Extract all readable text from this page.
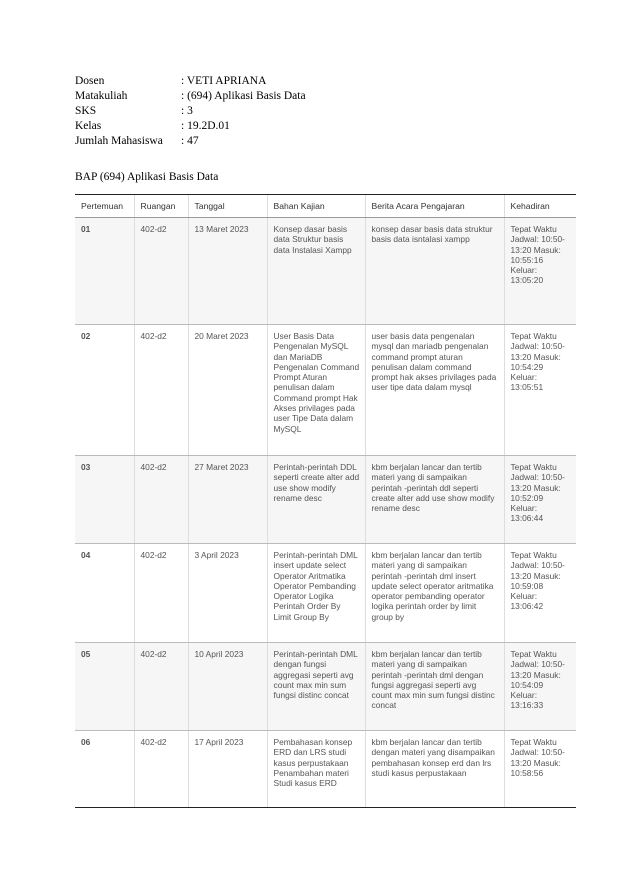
Dosen	: VETI APRIANA
Matakuliah	: (694) Aplikasi Basis Data
SKS	: 3
Kelas	: 19.2D.01
Jumlah Mahasiswa : 47
BAP (694) Aplikasi Basis Data
Pertemuan	Ruangan	Tanggal	Bahan Kajian	Berita Acara Pengajaran	Kehadiran
01	402-d2	13 Maret 2023	Konsep dasar basis data Struktur basis data Instalasi Xampp	konsep dasar basis data struktur basis data isntalasi xampp	Tepat Waktu Jadwal: 10:50-13:20 Masuk: 10:55:16 Keluar: 13:05:20
02	402-d2	20 Maret 2023	User Basis Data Pengenalan MySQL dan MariaDB Pengenalan Command Prompt Aturan penulisan dalam Command prompt Hak Akses privilages pada user Tipe Data dalam MySQL	user basis data pengenalan mysql dan mariadb pengenalan command prompt aturan penulisan dalam command prompt hak akses privilages pada user tipe data dalam mysql	Tepat Waktu Jadwal: 10:50-13:20 Masuk: 10:54:29 Keluar: 13:05:51
03	402-d2	27 Maret 2023	Perintah-perintah DDL seperti create alter add use show modify rename desc	kbm berjalan lancar dan tertib materi yang di sampaikan perintah -perintah ddl seperti create alter add use show modify rename desc	Tepat Waktu Jadwal: 10:50-13:20 Masuk: 10:52:09 Keluar: 13:06:44
04	402-d2	3 April 2023	Perintah-perintah DML insert update select Operator Aritmatika Operator Pembanding Operator Logika Perintah Order By Limit Group By	kbm berjalan lancar dan tertib materi yang di sampaikan perintah -perintah dml insert update select operator aritmatika operator pembanding operator logika perintah order by limit group by	Tepat Waktu Jadwal: 10:50-13:20 Masuk: 10:59:08 Keluar: 13:06:42
05	402-d2	10 April 2023	Perintah-perintah DML dengan fungsi aggregasi seperti avg count max min sum fungsi distinc concat	kbm berjalan lancar dan tertib materi yang di sampaikan perintah -perintah dml dengan fungsi aggregasi seperti avg count max min sum fungsi distinc concat	Tepat Waktu Jadwal: 10:50-13:20 Masuk: 10:54:09 Keluar: 13:16:33
06	402-d2	17 April 2023	Pembahasan konsep ERD dan LRS studi kasus perpustakaan Penambahan materi Studi kasus ERD	kbm berjalan lancar dan tertib dengan materi yang disampaikan pembahasan konsep erd dan lrs studi kasus perpustakaan	Tepat Waktu Jadwal: 10:50-13:20 Masuk: 10:58:56
